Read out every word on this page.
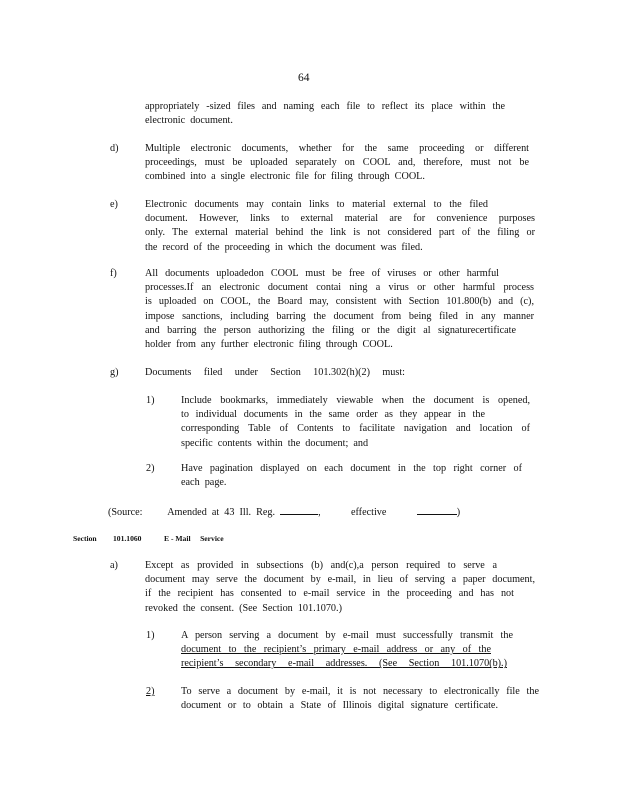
64
appropriately -sized files and naming each file to reflect its place within the
electronic document.
d)	Multiple electronic documents, whether for the same proceeding or different
proceedings, must be uploaded separately on COOL and, therefore, must not be
combined into a single electronic file for filing through COOL.
e)	Electronic documents may contain links to material external to the filed
document. However, links to external material are for convenience purposes
only. The external material behind the link is not considered part of the filing or
the record of the proceeding in which the document was filed.
f)	All documents uploadedon COOL must be free of viruses or other harmful
processes.If an electronic document contai ning a virus or other harmful process
is uploaded on COOL, the Board may, consistent with Section 101.800(b) and (c),
impose sanctions, including barring the document from being filed in any manner
and barring the person authorizing the filing or the digit al signaturecertificate
holder from any further electronic filing through COOL.
g)	Documents filed under Section 101.302(h)(2) must:
1)	Include bookmarks, immediately viewable when the document is opened,
to individual documents in the same order as they appear in the
corresponding Table of Contents to facilitate navigation and location of
specific contents within the document; and
2)	Have pagination displayed on each document in the top right corner of
each page.
(Source: Amended at 43 Ill. Reg.	,	effective	)
Section 101.1060	E - Mail     Service
a)	Except as provided in subsections (b) and(c),a person required to serve a
document may serve the document by e-mail, in lieu of serving a paper document,
if the recipient has consented to e-mail service in the proceeding and has not
revoked the consent. (See Section 101.1070.)
1)	A person serving a document by e-mail must successfully transmit the
document to the recipient’s primary e-mail address or any of the
recipient’s secondary e-mail addresses. (See Section 101.1070(b).)
2)	To serve a document by e-mail, it is not necessary to electronically file the
document or to obtain a State of Illinois digital signature certificate.
